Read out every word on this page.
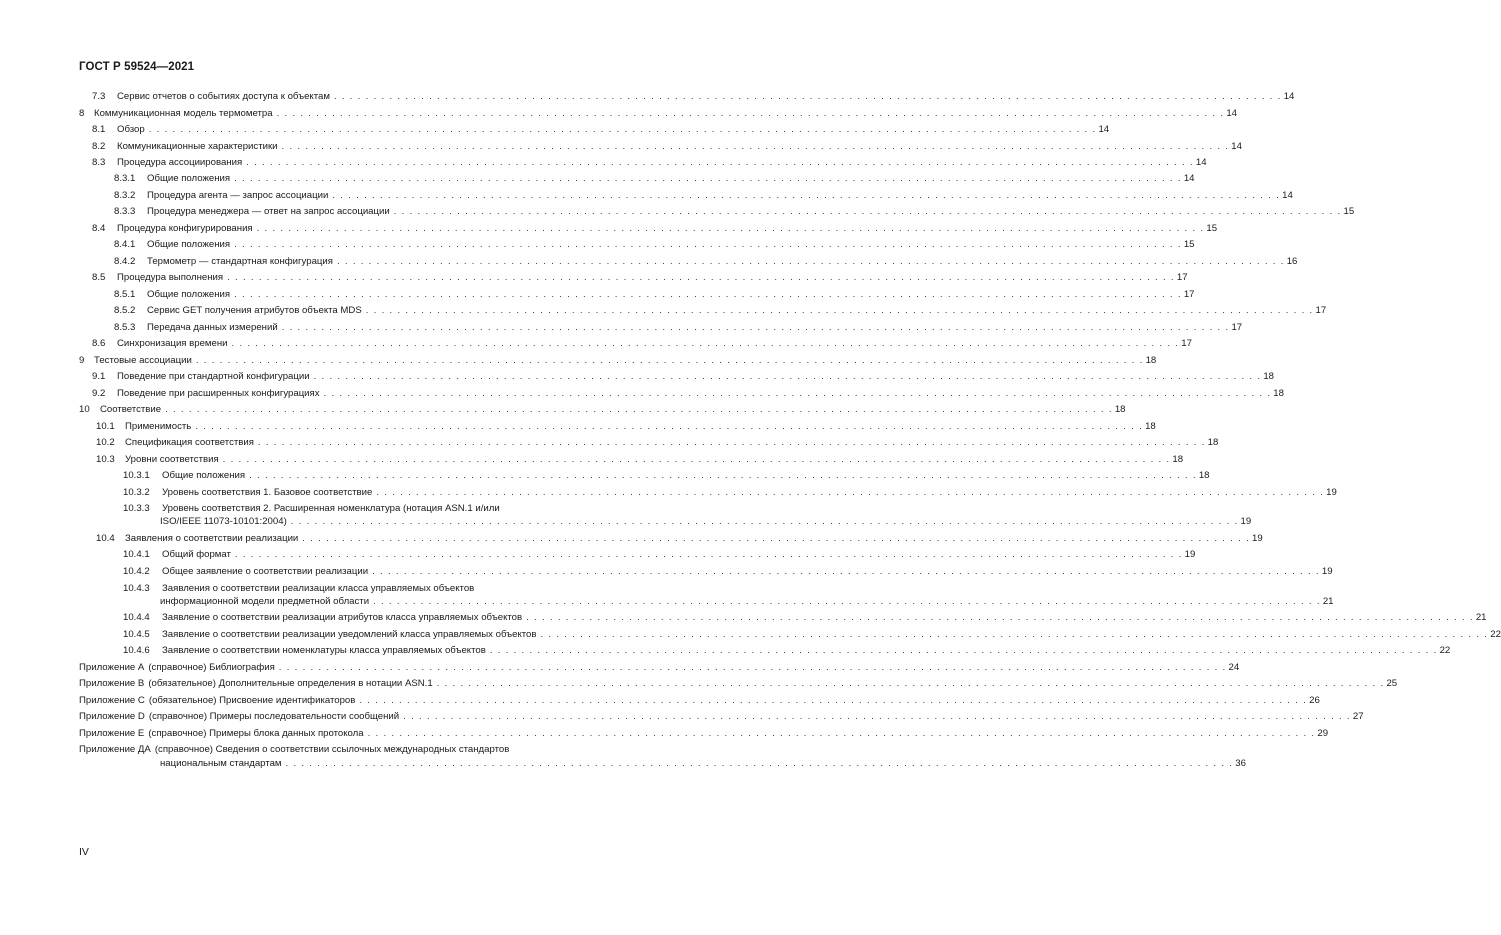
ГОСТ Р 59524—2021
7.3	Сервис отчетов о событиях доступа к объектам . . . . . . . . . . . . . . . . . . . . . . . . . . . . . . . . . . . . . . . . . . . . . . . . . . . . . . . . . . . . . . . . . . . . . . . . . . . . . . . . . . . . . . . . . . . . . . . . . . . . . . . . . . . . . . . . . . . . . . . . 14
8	Коммуникационная модель термометра . . . . . . . . . . . . . . . . . . . . . . . . . . . . . . . . . . . . . . . . . . . . . . . . . . . . . . . . . . . . . . . . . . . . . . . . . . . . . . . . . . . . . . . . . . . . . . . . . . . . . . . . . . . . . . . . . . . . . . . . 14
8.1	Обзор . . . . . . . . . . . . . . . . . . . . . . . . . . . . . . . . . . . . . . . . . . . . . . . . . . . . . . . . . . . . . . . . . . . . . . . . . . . . . . . . . . . . . . . . . . . . . . . . . . . . . . . . . . . . . . . . . . . . . . . . 14
8.2	Коммуникационные характеристики . . . . . . . . . . . . . . . . . . . . . . . . . . . . . . . . . . . . . . . . . . . . . . . . . . . . . . . . . . . . . . . . . . . . . . . . . . . . . . . . . . . . . . . . . . . . . . . . . . . . . . . . . . . . . . . . . . . . . . . . 14
8.3	Процедура ассоциирования . . . . . . . . . . . . . . . . . . . . . . . . . . . . . . . . . . . . . . . . . . . . . . . . . . . . . . . . . . . . . . . . . . . . . . . . . . . . . . . . . . . . . . . . . . . . . . . . . . . . . . . . . . . . . . . . . . . . . . . . 14
8.3.1	Общие положения . . . . . . . . . . . . . . . . . . . . . . . . . . . . . . . . . . . . . . . . . . . . . . . . . . . . . . . . . . . . . . . . . . . . . . . . . . . . . . . . . . . . . . . . . . . . . . . . . . . . . . . . . . . . . . . . . . . . . . . . 14
8.3.2	Процедура агента — запрос ассоциации . . . . . . . . . . . . . . . . . . . . . . . . . . . . . . . . . . . . . . . . . . . . . . . . . . . . . . . . . . . . . . . . . . . . . . . . . . . . . . . . . . . . . . . . . . . . . . . . . . . . . . . . . . . . . . . . . . . . . . . . 14
8.3.3	Процедура менеджера — ответ на запрос ассоциации . . . . . . . . . . . . . . . . . . . . . . . . . . . . . . . . . . . . . . . . . . . . . . . . . . . . . . . . . . . . . . . . . . . . . . . . . . . . . . . . . . . . . . . . . . . . . . . . . . . . . . . . . . . . . . . . . . . . . . . . 15
8.4	Процедура конфигурирования . . . . . . . . . . . . . . . . . . . . . . . . . . . . . . . . . . . . . . . . . . . . . . . . . . . . . . . . . . . . . . . . . . . . . . . . . . . . . . . . . . . . . . . . . . . . . . . . . . . . . . . . . . . . . . . . . . . . . . . . 15
8.4.1	Общие положения . . . . . . . . . . . . . . . . . . . . . . . . . . . . . . . . . . . . . . . . . . . . . . . . . . . . . . . . . . . . . . . . . . . . . . . . . . . . . . . . . . . . . . . . . . . . . . . . . . . . . . . . . . . . . . . . . . . . . . . . 15
8.4.2	Термометр — стандартная конфигурация . . . . . . . . . . . . . . . . . . . . . . . . . . . . . . . . . . . . . . . . . . . . . . . . . . . . . . . . . . . . . . . . . . . . . . . . . . . . . . . . . . . . . . . . . . . . . . . . . . . . . . . . . . . . . . . . . . . . . . . . 16
8.5	Процедура выполнения . . . . . . . . . . . . . . . . . . . . . . . . . . . . . . . . . . . . . . . . . . . . . . . . . . . . . . . . . . . . . . . . . . . . . . . . . . . . . . . . . . . . . . . . . . . . . . . . . . . . . . . . . . . . . . . . . . . . . . . . 17
8.5.1	Общие положения . . . . . . . . . . . . . . . . . . . . . . . . . . . . . . . . . . . . . . . . . . . . . . . . . . . . . . . . . . . . . . . . . . . . . . . . . . . . . . . . . . . . . . . . . . . . . . . . . . . . . . . . . . . . . . . . . . . . . . . . 17
8.5.2	Сервис GET получения атрибутов объекта MDS . . . . . . . . . . . . . . . . . . . . . . . . . . . . . . . . . . . . . . . . . . . . . . . . . . . . . . . . . . . . . . . . . . . . . . . . . . . . . . . . . . . . . . . . . . . . . . . . . . . . . . . . . . . . . . . . . . . . . . . . 17
8.5.3	Передача данных измерений . . . . . . . . . . . . . . . . . . . . . . . . . . . . . . . . . . . . . . . . . . . . . . . . . . . . . . . . . . . . . . . . . . . . . . . . . . . . . . . . . . . . . . . . . . . . . . . . . . . . . . . . . . . . . . . . . . . . . . . . 17
8.6	Синхронизация времени . . . . . . . . . . . . . . . . . . . . . . . . . . . . . . . . . . . . . . . . . . . . . . . . . . . . . . . . . . . . . . . . . . . . . . . . . . . . . . . . . . . . . . . . . . . . . . . . . . . . . . . . . . . . . . . . . . . . . . . . 17
9	Тестовые ассоциации . . . . . . . . . . . . . . . . . . . . . . . . . . . . . . . . . . . . . . . . . . . . . . . . . . . . . . . . . . . . . . . . . . . . . . . . . . . . . . . . . . . . . . . . . . . . . . . . . . . . . . . . . . . . . . . . . . . . . . . . 18
9.1	Поведение при стандартной конфигурации . . . . . . . . . . . . . . . . . . . . . . . . . . . . . . . . . . . . . . . . . . . . . . . . . . . . . . . . . . . . . . . . . . . . . . . . . . . . . . . . . . . . . . . . . . . . . . . . . . . . . . . . . . . . . . . . . . . . . . . . 18
9.2	Поведение при расширенных конфигурациях . . . . . . . . . . . . . . . . . . . . . . . . . . . . . . . . . . . . . . . . . . . . . . . . . . . . . . . . . . . . . . . . . . . . . . . . . . . . . . . . . . . . . . . . . . . . . . . . . . . . . . . . . . . . . . . . . . . . . . . . 18
10	Соответствие . . . . . . . . . . . . . . . . . . . . . . . . . . . . . . . . . . . . . . . . . . . . . . . . . . . . . . . . . . . . . . . . . . . . . . . . . . . . . . . . . . . . . . . . . . . . . . . . . . . . . . . . . . . . . . . . . . . . . . . . 18
10.1	Применимость . . . . . . . . . . . . . . . . . . . . . . . . . . . . . . . . . . . . . . . . . . . . . . . . . . . . . . . . . . . . . . . . . . . . . . . . . . . . . . . . . . . . . . . . . . . . . . . . . . . . . . . . . . . . . . . . . . . . . . . . 18
10.2	Спецификация соответствия . . . . . . . . . . . . . . . . . . . . . . . . . . . . . . . . . . . . . . . . . . . . . . . . . . . . . . . . . . . . . . . . . . . . . . . . . . . . . . . . . . . . . . . . . . . . . . . . . . . . . . . . . . . . . . . . . . . . . . . . 18
10.3	Уровни соответствия . . . . . . . . . . . . . . . . . . . . . . . . . . . . . . . . . . . . . . . . . . . . . . . . . . . . . . . . . . . . . . . . . . . . . . . . . . . . . . . . . . . . . . . . . . . . . . . . . . . . . . . . . . . . . . . . . . . . . . . . 18
10.3.1	Общие положения . . . . . . . . . . . . . . . . . . . . . . . . . . . . . . . . . . . . . . . . . . . . . . . . . . . . . . . . . . . . . . . . . . . . . . . . . . . . . . . . . . . . . . . . . . . . . . . . . . . . . . . . . . . . . . . . . . . . . . . . 18
10.3.2	Уровень соответствия 1. Базовое соответствие . . . . . . . . . . . . . . . . . . . . . . . . . . . . . . . . . . . . . . . . . . . . . . . . . . . . . . . . . . . . . . . . . . . . . . . . . . . . . . . . . . . . . . . . . . . . . . . . . . . . . . . . . . . . . . . . . . . . . . . . 19
10.3.3	Уровень соответствия 2. Расширенная номенклатура (нотация ASN.1 и/или
ISO/IEEE 11073-10101:2004) . . . . . . . . . . . . . . . . . . . . . . . . . . . . . . . . . . . . . . . . . . . . . . . . . . . . . . . . . . . . . . . . . . . . . . . . . . . . . . . . . . . . . . . . . . . . . . . . . . . . . . . . . . . . . . . . . . . . . . . . 19
10.4	Заявления о соответствии реализации . . . . . . . . . . . . . . . . . . . . . . . . . . . . . . . . . . . . . . . . . . . . . . . . . . . . . . . . . . . . . . . . . . . . . . . . . . . . . . . . . . . . . . . . . . . . . . . . . . . . . . . . . . . . . . . . . . . . . . . . 19
10.4.1	Общий формат . . . . . . . . . . . . . . . . . . . . . . . . . . . . . . . . . . . . . . . . . . . . . . . . . . . . . . . . . . . . . . . . . . . . . . . . . . . . . . . . . . . . . . . . . . . . . . . . . . . . . . . . . . . . . . . . . . . . . . . . 19
10.4.2	Общее заявление о соответствии реализации . . . . . . . . . . . . . . . . . . . . . . . . . . . . . . . . . . . . . . . . . . . . . . . . . . . . . . . . . . . . . . . . . . . . . . . . . . . . . . . . . . . . . . . . . . . . . . . . . . . . . . . . . . . . . . . . . . . . . . . . 19
10.4.3	Заявления о соответствии реализации класса управляемых объектов
информационной модели предметной области . . . . . . . . . . . . . . . . . . . . . . . . . . . . . . . . . . . . . . . . . . . . . . . . . . . . . . . . . . . . . . . . . . . . . . . . . . . . . . . . . . . . . . . . . . . . . . . . . . . . . . . . . . . . . . . . . . . . . . . . 21
10.4.4	Заявление о соответствии реализации атрибутов класса управляемых объектов . . . . . . . . . . . . . . . . . . . . . . . . . . . . . . . . . . . . . . . . . . . . . . . . . . . . . . . . . . . . . . . . . . . . . . . . . . . . . . . . . . . . . . . . . . . . . . . . . . . . . . . . . . . . . . . . . . . . . . . . 21
10.4.5	Заявление о соответствии реализации уведомлений класса управляемых объектов . . . . . . . . . . . . . . . . . . . . . . . . . . . . . . . . . . . . . . . . . . . . . . . . . . . . . . . . . . . . . . . . . . . . . . . . . . . . . . . . . . . . . . . . . . . . . . . . . . . . . . . . . . . . . . . . . . . . . . . . 22
10.4.6	Заявление о соответствии номенклатуры класса управляемых объектов . . . . . . . . . . . . . . . . . . . . . . . . . . . . . . . . . . . . . . . . . . . . . . . . . . . . . . . . . . . . . . . . . . . . . . . . . . . . . . . . . . . . . . . . . . . . . . . . . . . . . . . . . . . . . . . . . . . . . . . . 22
Приложение А (справочное) Библиография . . . . . . . . . . . . . . . . . . . . . . . . . . . . . . . . . . . . . . . . . . . . . . . . . . . . . . . . . . . . . . . . . . . . . . . . . . . . . . . . . . . . . . . . . . . . . . . . . . . . . . . . . . . . . . . . . . . . . . . . 24
Приложение В (обязательное) Дополнительные определения в нотации ASN.1 . . . . . . . . . . . . . . . . . . . . . . . . . . . . . . . . . . . . . . . . . . . . . . . . . . . . . . . . . . . . . . . . . . . . . . . . . . . . . . . . . . . . . . . . . . . . . . . . . . . . . . . . . . . . . . . . . . . . . . . . 25
Приложение С (обязательное) Присвоение идентификаторов . . . . . . . . . . . . . . . . . . . . . . . . . . . . . . . . . . . . . . . . . . . . . . . . . . . . . . . . . . . . . . . . . . . . . . . . . . . . . . . . . . . . . . . . . . . . . . . . . . . . . . . . . . . . . . . . . . . . . . . . 26
Приложение D (справочное) Примеры последовательности сообщений . . . . . . . . . . . . . . . . . . . . . . . . . . . . . . . . . . . . . . . . . . . . . . . . . . . . . . . . . . . . . . . . . . . . . . . . . . . . . . . . . . . . . . . . . . . . . . . . . . . . . . . . . . . . . . . . . . . . . . . . 27
Приложение Е (справочное) Примеры блока данных протокола . . . . . . . . . . . . . . . . . . . . . . . . . . . . . . . . . . . . . . . . . . . . . . . . . . . . . . . . . . . . . . . . . . . . . . . . . . . . . . . . . . . . . . . . . . . . . . . . . . . . . . . . . . . . . . . . . . . . . . . . 29
Приложение ДА (справочное) Сведения о соответствии ссылочных международных стандартов
национальным стандартам . . . . . . . . . . . . . . . . . . . . . . . . . . . . . . . . . . . . . . . . . . . . . . . . . . . . . . . . . . . . . . . . . . . . . . . . . . . . . . . . . . . . . . . . . . . . . . . . . . . . . . . . . . . . . . . . . . . . . . . . 36
IV
